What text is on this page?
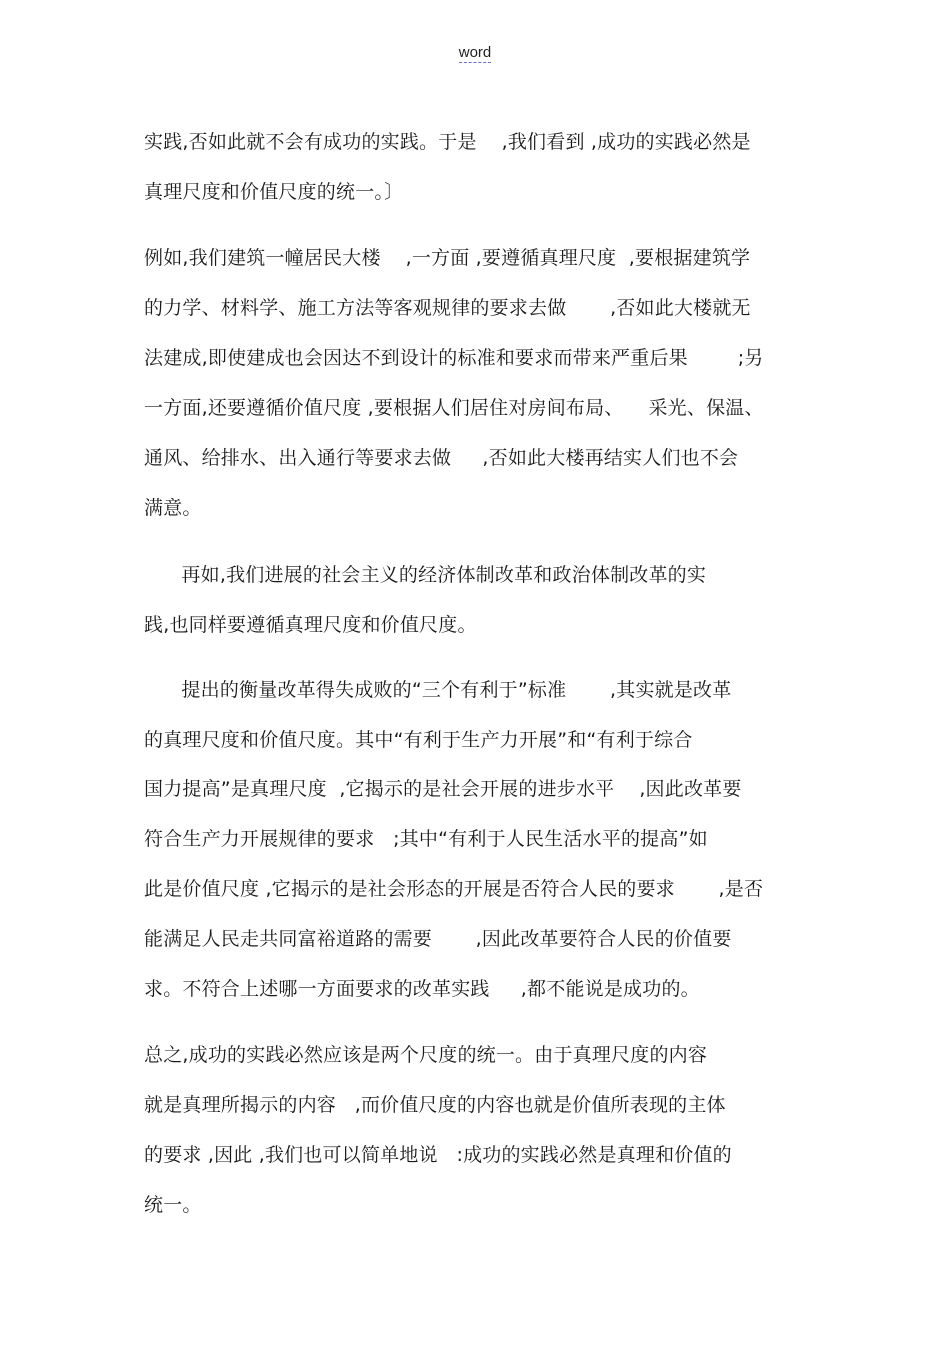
word
实践,否如此就不会有成功的实践。于是    ,我们看到 ,成功的实践必然是
真理尺度和价值尺度的统一。〕
例如,我们建筑一幢居民大楼    ,一方面 ,要遵循真理尺度  ,要根据建筑学
的力学、材料学、施工方法等客观规律的要求去做       ,否如此大楼就无
法建成,即使建成也会因达不到设计的标准和要求而带来严重后果        ;另
一方面,还要遵循价值尺度 ,要根据人们居住对房间布局、    采光、保温、
通风、给排水、出入通行等要求去做     ,否如此大楼再结实人们也不会
满意。
再如,我们进展的社会主义的经济体制改革和政治体制改革的实
践,也同样要遵循真理尺度和价值尺度。
提出的衡量改革得失成败的“三个有利于”标准       ,其实就是改革
的真理尺度和价值尺度。其中“有利于生产力开展”和“有利于综合
国力提高”是真理尺度  ,它揭示的是社会开展的进步水平    ,因此改革要
符合生产力开展规律的要求   ;其中“有利于人民生活水平的提高”如
此是价值尺度 ,它揭示的是社会形态的开展是否符合人民的要求       ,是否
能满足人民走共同富裕道路的需要       ,因此改革要符合人民的价值要
求。不符合上述哪一方面要求的改革实践     ,都不能说是成功的。
总之,成功的实践必然应该是两个尺度的统一。由于真理尺度的内容
就是真理所揭示的内容   ,而价值尺度的内容也就是价值所表现的主体
的要求 ,因此 ,我们也可以简单地说   :成功的实践必然是真理和价值的
统一。
